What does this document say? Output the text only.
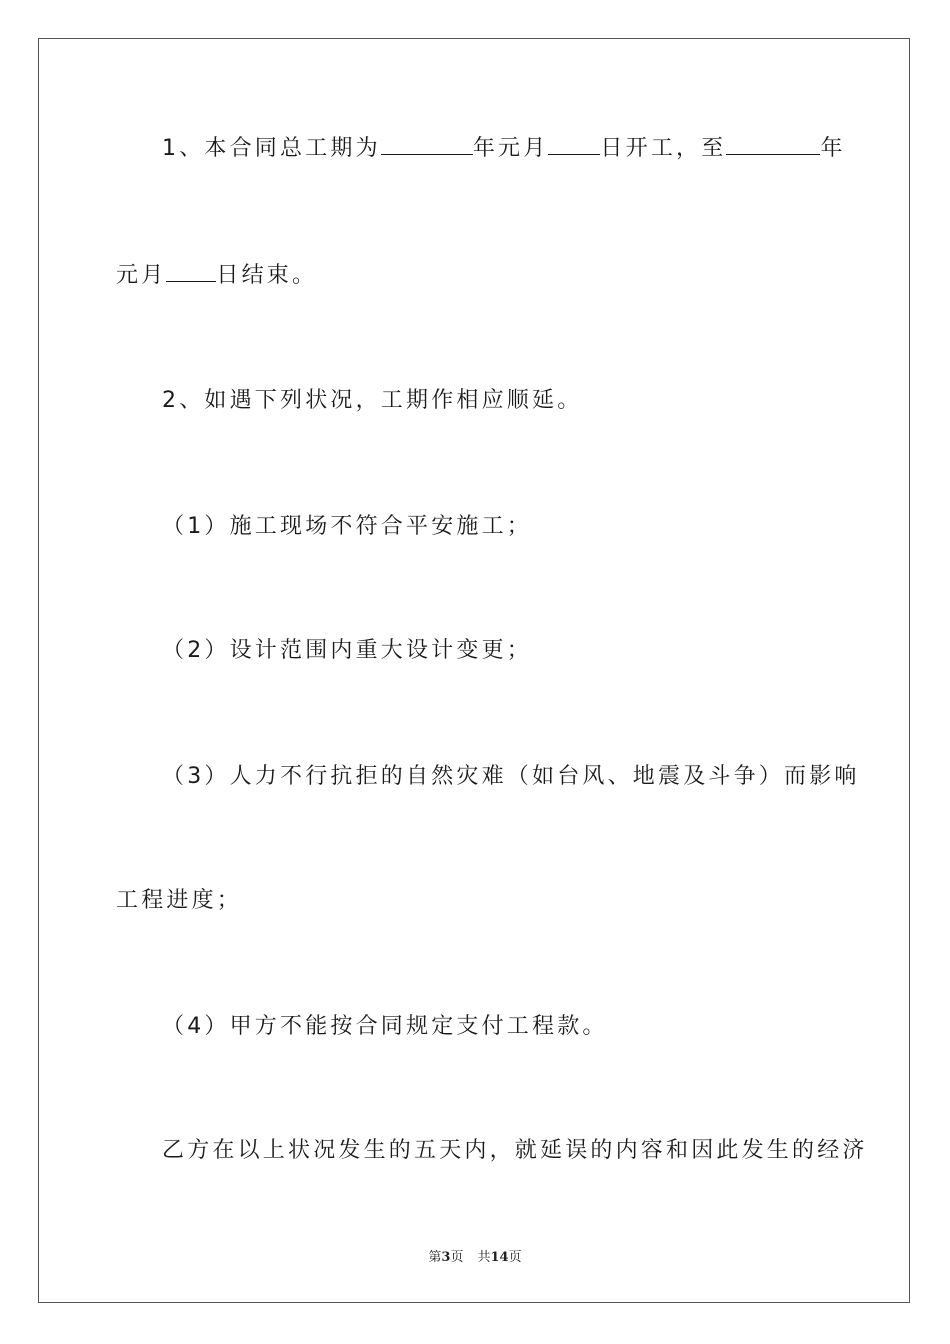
1、本合同总工期为	年元月 日开工，至	年
元月 日结束。
2、如遇下列状况，工期作相应顺延。
（1）施工现场不符合平安施工；
（2）设计范围内重大设计变更；
（3）人力不行抗拒的自然灾难（如台风、地震及斗争）而影响
工程进度；
（4）甲方不能按合同规定支付工程款。
乙方在以上状况发生的五天内，就延误的内容和因此发生的经济
第3页 共14页
